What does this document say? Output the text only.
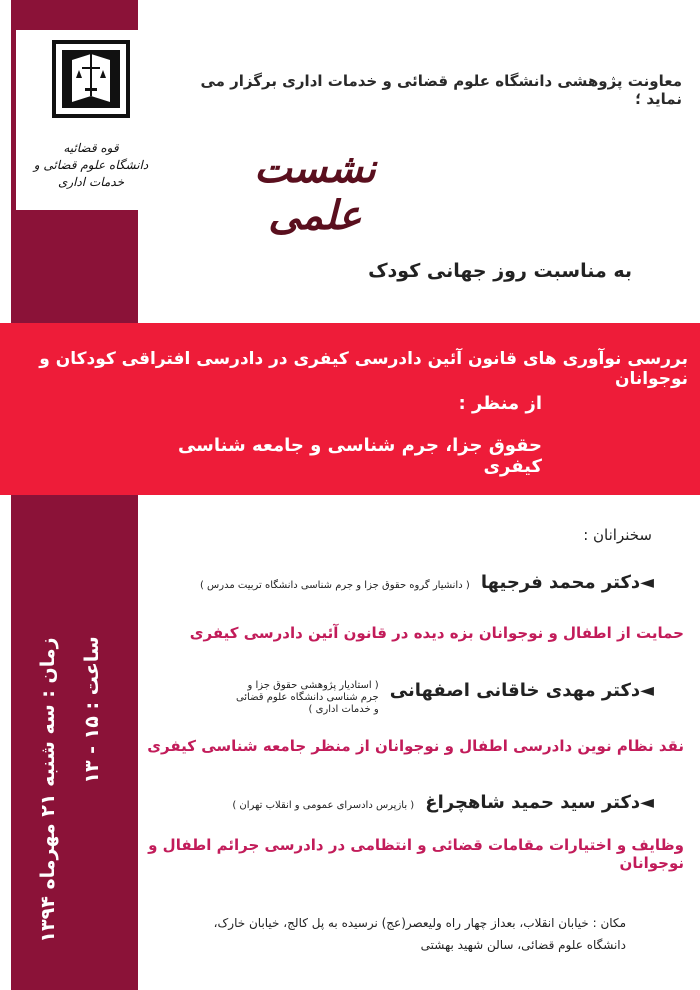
قوه قضائیه
دانشگاه علوم قضائی و خدمات اداری
معاونت پژوهشی دانشگاه علوم قضائی و خدمات اداری برگزار می نماید ؛
نشست علمی
به مناسبت روز جهانی کودک
بررسی نوآوری های قانون آئین دادرسی کیفری در دادرسی افتراقی کودکان و نوجوانان
از منظر :
حقوق جزا، جرم شناسی و جامعه شناسی کیفری
سخنرانان :
◄دکتر محمد فرجیها ( دانشیار گروه حقوق جزا و جرم شناسی دانشگاه تربیت مدرس )
حمایت از اطفال و نوجوانان بزه دیده در قانون آئین دادرسی کیفری
◄دکتر مهدی خاقانی اصفهانی ( استادیار پژوهشی حقوق جزا و جرم شناسی دانشگاه علوم قضائی و خدمات اداری )
نقد نظام نوین دادرسی اطفال و نوجوانان از منظر جامعه شناسی کیفری
◄دکتر سید حمید شاهچراغ ( بازپرس دادسرای عمومی و انقلاب تهران )
وظایف و اختیارات مقامات قضائی و انتظامی در دادرسی جرائم اطفال و نوجوانان
زمان : سه شنبه ۲۱ مهرماه ۱۳۹۴ ساعت : ۱۵ - ۱۳
مکان : خیابان انقلاب، بعداز چهار راه ولیعصر(عج) نرسیده به پل کالج، خیابان خارک،
دانشگاه علوم قضائی، سالن شهید بهشتی
